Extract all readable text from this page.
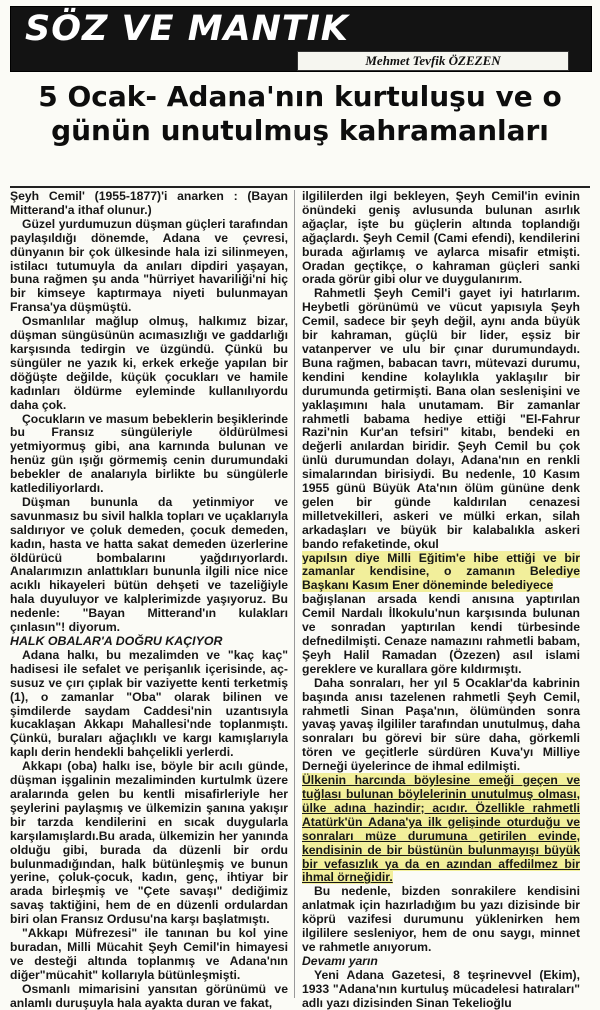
SÖZ VE MANTIK
Mehmet Tevfik ÖZEZEN
5 Ocak- Adana'nın kurtuluşu ve o günün unutulmuş kahramanları

Şeyh Cemil' (1955-1877)'i anarken : (Bayan Mitterand'a ithaf olunur.)

Güzel yurdumuzun düşman güçleri tarafından paylaşıldığı dönemde, Adana ve çevresi, dünyanın bir çok ülkesinde hala izi silinmeyen, istilacı tutumuyla da anıları dipdiri yaşayan, buna rağmen şu anda "hürriyet havariliği'ni hiç bir kimseye kaptırmaya niyeti bulunmayan Fransa'ya düşmüştü.

Osmanlılar mağlup olmuş, halkımız bizar, düşman süngüsünün acımasızlığı ve gaddarlığı karşısında tedirgin ve üzgündü. Çünkü bu süngüler ne yazık ki, erkek erkeğe yapılan bir döğüşte değilde, küçük çocukları ve hamile kadınları öldürme eyleminde kullanılıyordu daha çok.

Çocukların ve masum bebeklerin beşiklerinde bu Fransız süngüleriyle öldürülmesi yetmiyormuş gibi, ana karnında bulunan ve henüz gün ışığı görmemiş cenin durumundaki bebekler de analarıyla birlikte bu süngülerle katlediliyorlardı.

Düşman bununla da yetinmiyor ve savunmasız bu sivil halkla topları ve uçaklarıyla saldırıyor ve çoluk demeden, çocuk demeden, kadın, hasta ve hatta sakat demeden üzerlerine öldürücü bombalarını yağdırıyorlardı. Analarımızın anlattıkları bununla ilgili nice nice acıklı hikayeleri bütün dehşeti ve tazeliğiyle hala duyuluyor ve kalplerimizde yaşıyoruz. Bu nedenle: "Bayan Mitterand'ın kulakları çınlasın"! diyorum.

HALK OBALAR'A DOĞRU KAÇIYOR

Adana halkı, bu mezalimden ve "kaç kaç" hadisesi ile sefalet ve perişanlık içerisinde, aç-susuz ve çırı çıplak bir vaziyette kenti terketmiş (1), o zamanlar "Oba" olarak bilinen ve şimdilerde saydam Caddesi'nin uzantısıyla kucaklaşan Akkapı Mahallesi'nde toplanmıştı. Çünkü, buraları ağaçlıklı ve kargı kamışlarıyla kaplı derin hendekli bahçelikli yerlerdi.

Akkapı (oba) halkı ise, böyle bir acılı günde, düşman işgalinin mezaliminden kurtulmk üzere aralarında gelen bu kentli misafirleriyle her şeylerini paylaşmış ve ülkemizin şanına yakışır bir tarzda kendilerini en sıcak duygularla karşılamışlardı.Bu arada, ülkemizin her yanında olduğu gibi, burada da düzenli bir ordu bulunmadığından, halk bütünleşmiş ve bunun yerine, çoluk-çocuk, kadın, genç, ihtiyar bir arada birleşmiş ve "Çete savaşı" dediğimiz savaş taktiğini, hem de en düzenli ordulardan biri olan Fransız Ordusu'na karşı başlatmıştı.

"Akkapı Müfrezesi" ile tanınan bu kol yine buradan, Milli Mücahit Şeyh Cemil'in himayesi ve desteği altında toplanmış ve Adana'nın diğer"mücahit" kollarıyla bütünleşmişti.

Osmanlı mimarisini yansıtan görünümü ve anlamlı duruşuyla hala ayakta duran ve fakat,

ilgililerden ilgi bekleyen, Şeyh Cemil'in evinin önündeki geniş avlusunda bulunan asırlık ağaçlar, işte bu güçlerin altında toplandığı ağaçlardı. Şeyh Cemil (Cami efendi), kendilerini burada ağırlamış ve aylarca misafir etmişti. Oradan geçtikçe, o kahraman güçleri sanki orada görür gibi olur ve duygulanırım.

Rahmetli Şeyh Cemil'i gayet iyi hatırlarım. Heybetli görünümü ve vücut yapısıyla Şeyh Cemil, sadece bir şeyh değil, aynı anda büyük bir kahraman, güçlü bir lider, eşsiz bir vatanperver ve ulu bir çınar durumundaydı. Buna rağmen, babacan tavrı, mütevazi durumu, kendini kendine kolaylıkla yaklaşılır bir durumunda getirmişti. Bana olan seslenişini ve yaklaşımını hala unutamam. Bir zamanlar rahmetli babama hediye ettiği "El-Fahrur Razi'nin Kur'an tefsiri" kitabı, bendeki en değerli anılardan biridir. Şeyh Cemil bu çok ünlü durumundan dolayı, Adana'nın en renkli simalarından birisiydi. Bu nedenle, 10 Kasım 1955 günü Büyük Ata'nın ölüm gününe denk gelen bir günde kaldırılan cenazesi milletvekilleri, askeri ve mülki erkan, silah arkadaşları ve büyük bir kalabalıkla askeri bando refaketinde, okul

yapılsın diye Milli Eğitim'e hibe ettiği ve bir zamanlar kendisine, o zamanın Belediye Başkanı Kasım Ener döneminde belediyece

bağışlanan arsada kendi anısına yaptırılan Cemil Nardalı İlkokulu'nun karşısında bulunan ve sonradan yaptırılan kendi türbesinde defnedilmişti. Cenaze namazını rahmetli babam, Şeyh Halil Ramadan (Özezen) asıl islami gereklere ve kurallara göre kıldırmıştı.

Daha sonraları, her yıl 5 Ocaklar'da kabrinin başında anısı tazelenen rahmetli Şeyh Cemil, rahmetli Sinan Paşa'nın, ölümünden sonra yavaş yavaş ilgililer tarafından unutulmuş, daha sonraları bu görevi bir süre daha, görkemli tören ve geçitlerle sürdüren Kuva'yı Milliye Derneği üyelerince de ihmal edilmişti.

Ülkenin harcında böylesine emeği geçen ve tuğlası bulunan böylelerinin unutulmuş olması, ülke adına hazindir; acıdır. Özellikle rahmetli Atatürk'ün Adana'ya ilk gelişinde oturduğu ve sonraları müze durumuna getirilen evinde, kendisinin de bir büstünün bulunmayışı büyük bir vefasızlık ya da en azından affedilmez bir ihmal örneğidir.

Bu nedenle, bizden sonrakilere kendisini anlatmak için hazırladığım bu yazı dizisinde bir köprü vazifesi durumunu yüklenirken hem ilgililere sesleniyor, hem de onu saygı, minnet ve rahmetle anıyorum.

Devamı yarın

Yeni Adana Gazetesi, 8 teşrinevvel (Ekim), 1933 "Adana'nın kurtuluş mücadelesi hatıraları" adlı yazı dizisinden Sinan Tekelioğlu
